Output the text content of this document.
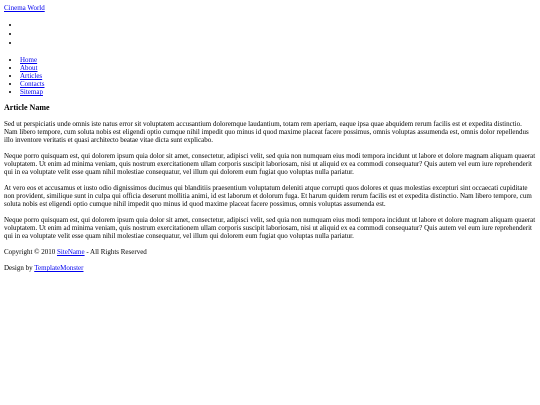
Cinema World
•
•
•
• Home
• About
• Articles
• Contacts
• Sitemap
Article Name

Sed ut perspiciatis unde omnis iste natus error sit voluptatem accusantium doloremque laudantium, totam rem aperiam, eaque ipsa quae abquidem rerum facilis est et expedita distinctio. Nam libero tempore, cum soluta nobis est eligendi optio cumque nihil impedit quo minus id quod maxime placeat facere possimus, omnis voluptas assumenda est, omnis dolor repellendus illo inventore veritatis et quasi architecto beatae vitae dicta sunt explicabo.

Neque porro quisquam est, qui dolorem ipsum quia dolor sit amet, consectetur, adipisci velit, sed quia non numquam eius modi tempora incidunt ut labore et dolore magnam aliquam quaerat voluptatem. Ut enim ad minima veniam, quis nostrum exercitationem ullam corporis suscipit laboriosam, nisi ut aliquid ex ea commodi consequatur? Quis autem vel eum iure reprehenderit qui in ea voluptate velit esse quam nihil molestiae consequatur, vel illum qui dolorem eum fugiat quo voluptas nulla pariatur.

At vero eos et accusamus et iusto odio dignissimos ducimus qui blanditiis praesentium voluptatum deleniti atque corrupti quos dolores et quas molestias excepturi sint occaecati cupiditate non provident, similique sunt in culpa qui officia deserunt mollitia animi, id est laborum et dolorum fuga. Et harum quidem rerum facilis est et expedita distinctio. Nam libero tempore, cum soluta nobis est eligendi optio cumque nihil impedit quo minus id quod maxime placeat facere possimus, omnis voluptas assumenda est.

Neque porro quisquam est, qui dolorem ipsum quia dolor sit amet, consectetur, adipisci velit, sed quia non numquam eius modi tempora incidunt ut labore et dolore magnam aliquam quaerat voluptatem. Ut enim ad minima veniam, quis nostrum exercitationem ullam corporis suscipit laboriosam, nisi ut aliquid ex ea commodi consequatur? Quis autem vel eum iure reprehenderit qui in ea voluptate velit esse quam nihil molestiae consequatur, vel illum qui dolorem eum fugiat quo voluptas nulla pariatur.

Copyright © 2010 SiteName - All Rights Reserved

Design by TemplateMonster
